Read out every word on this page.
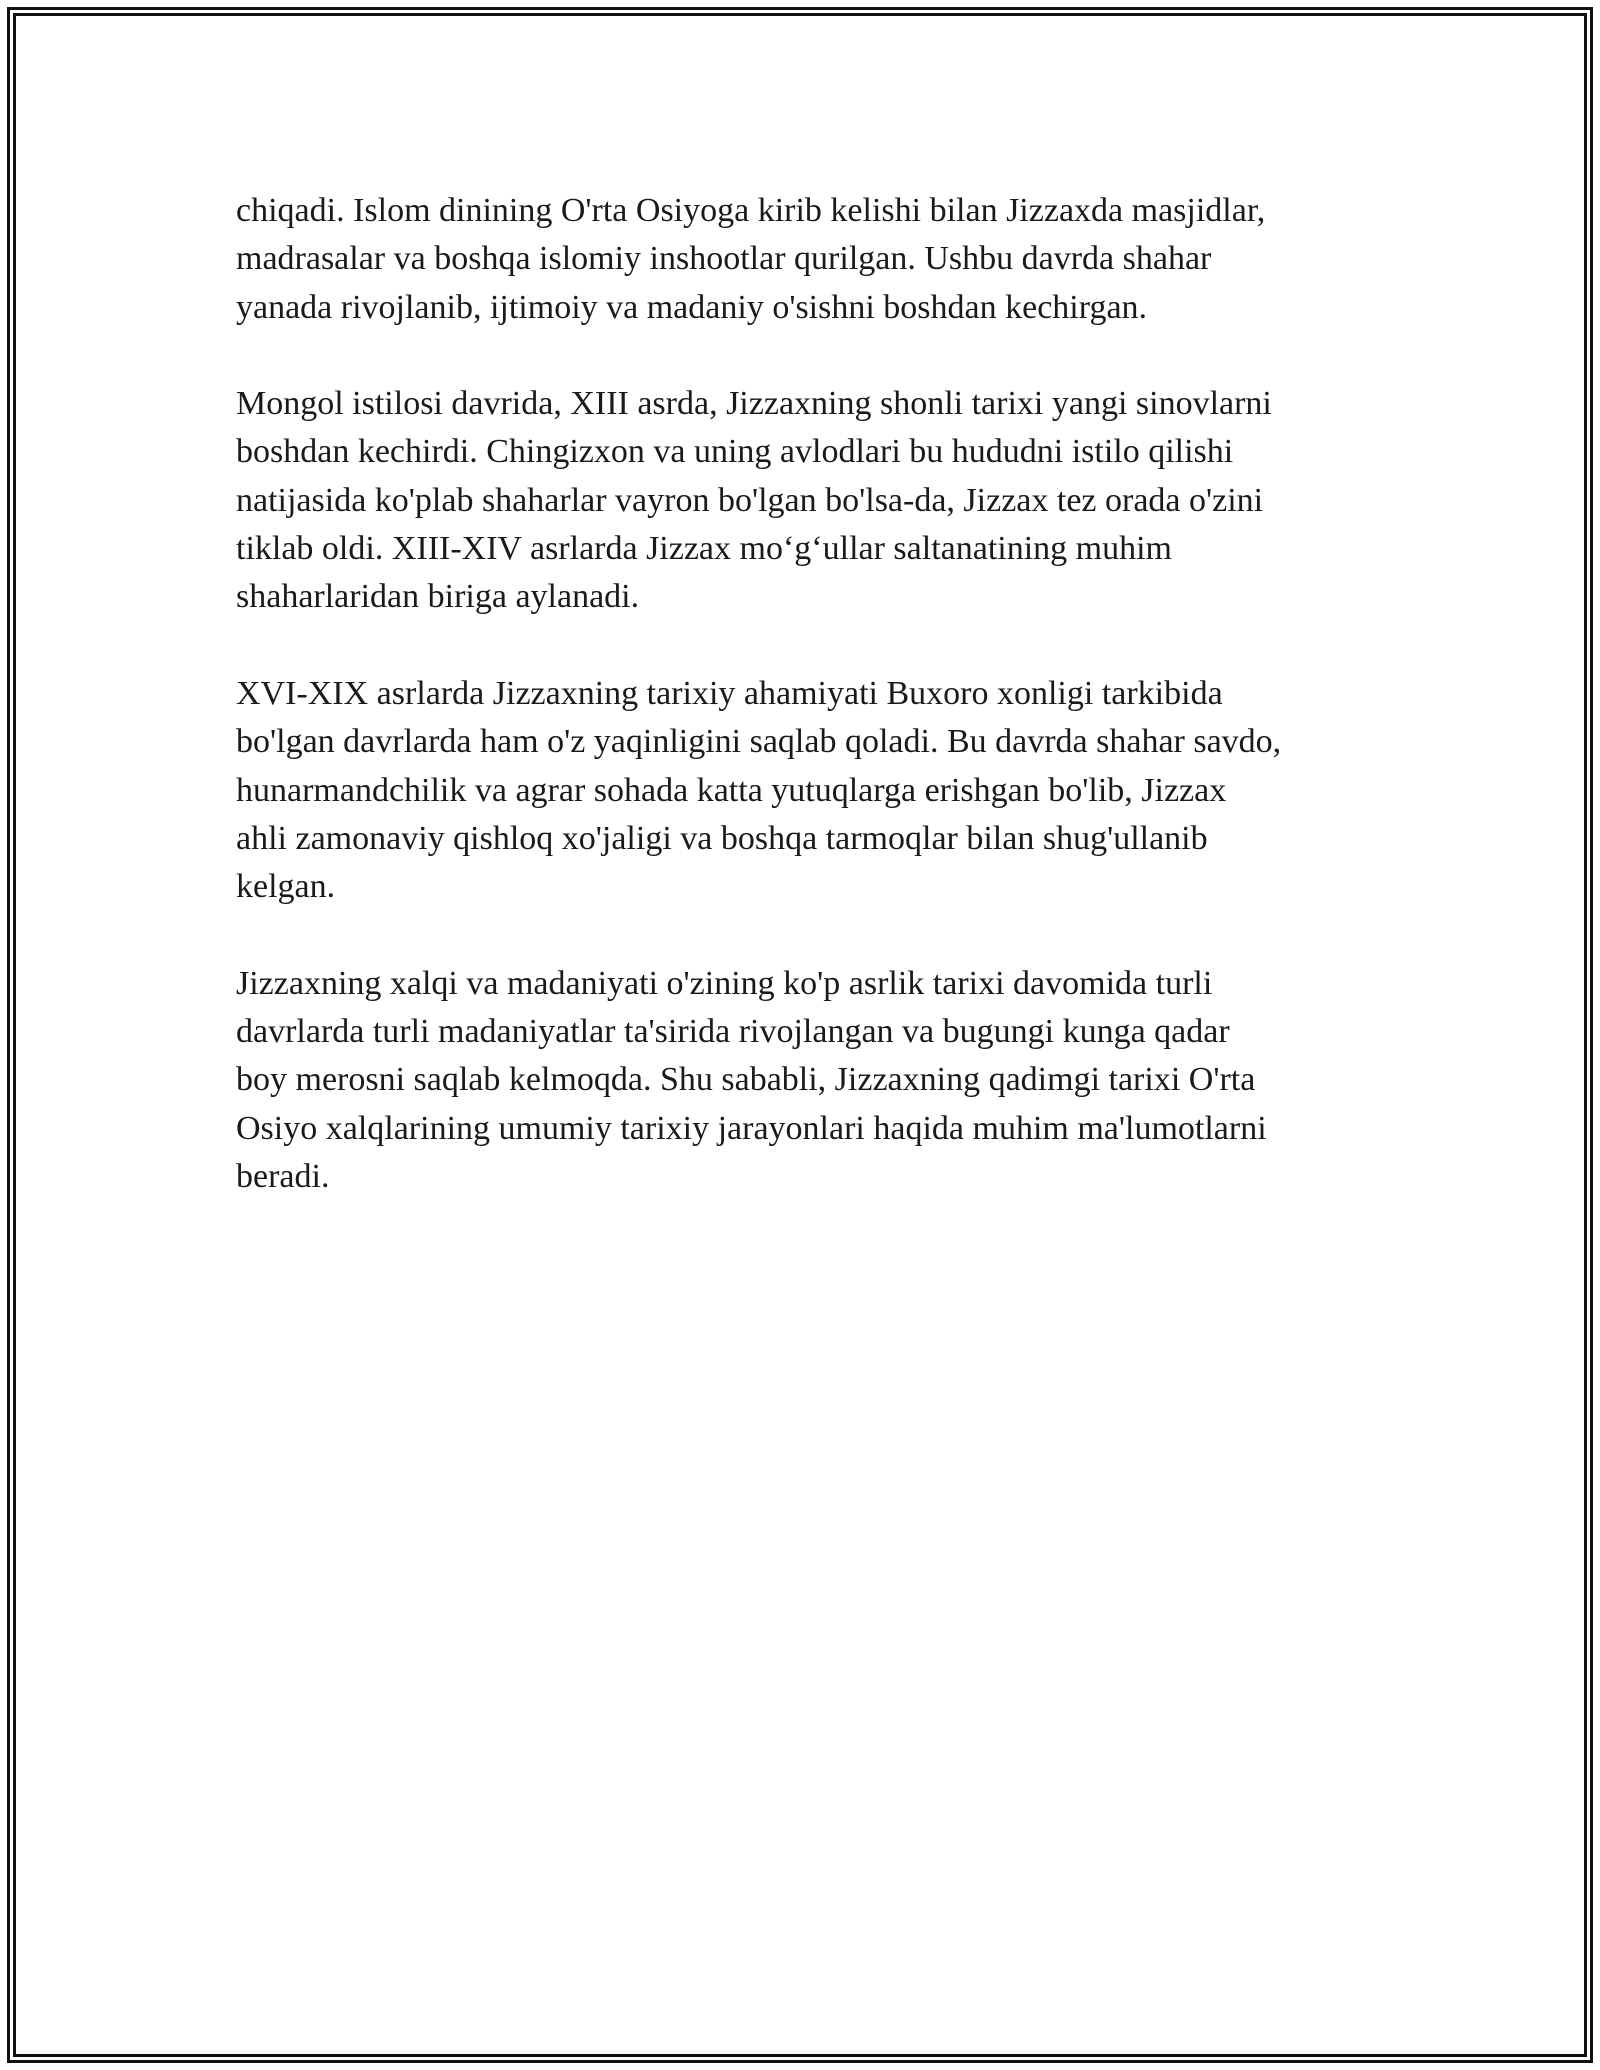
chiqadi. Islom dinining O'rta Osiyoga kirib kelishi bilan Jizzaxda masjidlar,
madrasalar va boshqa islomiy inshootlar qurilgan. Ushbu davrda shahar
yanada rivojlanib, ijtimoiy va madaniy o'sishni boshdan kechirgan.

Mongol istilosi davrida, XIII asrda, Jizzaxning shonli tarixi yangi sinovlarni
boshdan kechirdi. Chingizxon va uning avlodlari bu hududni istilo qilishi
natijasida ko'plab shaharlar vayron bo'lgan bo'lsa-da, Jizzax tez orada o'zini
tiklab oldi. XIII-XIV asrlarda Jizzax mo‘g‘ullar saltanatining muhim
shaharlaridan biriga aylanadi.

XVI-XIX asrlarda Jizzaxning tarixiy ahamiyati Buxoro xonligi tarkibida
bo'lgan davrlarda ham o'z yaqinligini saqlab qoladi. Bu davrda shahar savdo,
hunarmandchilik va agrar sohada katta yutuqlarga erishgan bo'lib, Jizzax
ahli zamonaviy qishloq xo'jaligi va boshqa tarmoqlar bilan shug'ullanib
kelgan.

Jizzaxning xalqi va madaniyati o'zining ko'p asrlik tarixi davomida turli
davrlarda turli madaniyatlar ta'sirida rivojlangan va bugungi kunga qadar
boy merosni saqlab kelmoqda. Shu sababli, Jizzaxning qadimgi tarixi O'rta
Osiyo xalqlarining umumiy tarixiy jarayonlari haqida muhim ma'lumotlarni
beradi.
